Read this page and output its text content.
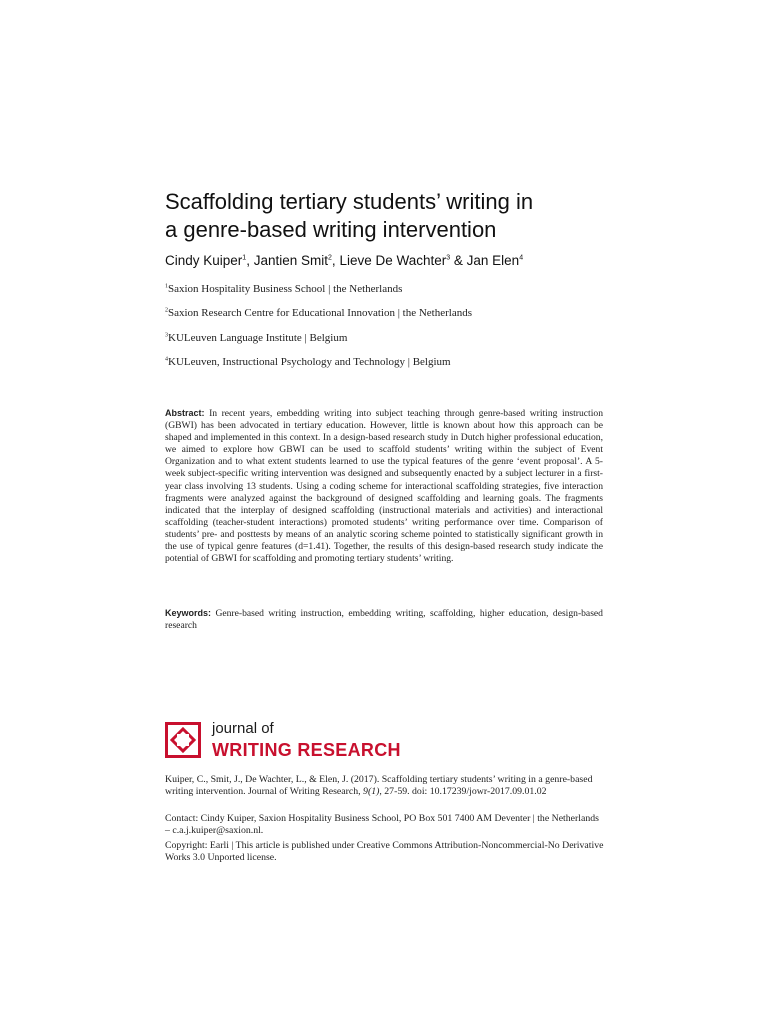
Scaffolding tertiary students’ writing in
a genre-based writing intervention
Cindy Kuiper$^1$, Jantien Smit$^2$, Lieve De Wachter$^3$ & Jan Elen$^4$
$^1$Saxion Hospitality Business School | the Netherlands
$^2$Saxion Research Centre for Educational Innovation | the Netherlands
$^3$KULeuven Language Institute | Belgium
$^4$KULeuven, Instructional Psychology and Technology | Belgium

Abstract: In recent years, embedding writing into subject teaching through genre-based writing instruction (GBWI) has been advocated in tertiary education. However, little is known about how this approach can be shaped and implemented in this context. In a design-based research study in Dutch higher professional education, we aimed to explore how GBWI can be used to scaffold students’ writing within the subject of Event Organization and to what extent students learned to use the typical features of the genre ‘event proposal’. A 5-week subject-specific writing intervention was designed and subsequently enacted by a subject lecturer in a first-year class involving 13 students. Using a coding scheme for interactional scaffolding strategies, five interaction fragments were analyzed against the background of designed scaffolding and learning goals. The fragments indicated that the interplay of designed scaffolding (instructional materials and activities) and interactional scaffolding (teacher-student interactions) promoted students’ writing performance over time. Comparison of students’ pre- and posttests by means of an analytic scoring scheme pointed to statistically significant growth in the use of typical genre features (d=1.41). Together, the results of this design-based research study indicate the potential of GBWI for scaffolding and promoting tertiary students’ writing.

Keywords: Genre-based writing instruction, embedding writing, scaffolding, higher education, design-based research

journal of
WRITING RESEARCH

Kuiper, C., Smit, J., De Wachter, L., & Elen, J. (2017). Scaffolding tertiary students’ writing in a genre-based writing intervention. Journal of Writing Research, 9(1), 27-59. doi: 10.17239/jowr-2017.09.01.02

Contact: Cindy Kuiper, Saxion Hospitality Business School, PO Box 501 7400 AM Deventer | the Netherlands – c.a.j.kuiper@saxion.nl.

Copyright: Earli | This article is published under Creative Commons Attribution-Noncommercial-No Derivative Works 3.0 Unported license.
